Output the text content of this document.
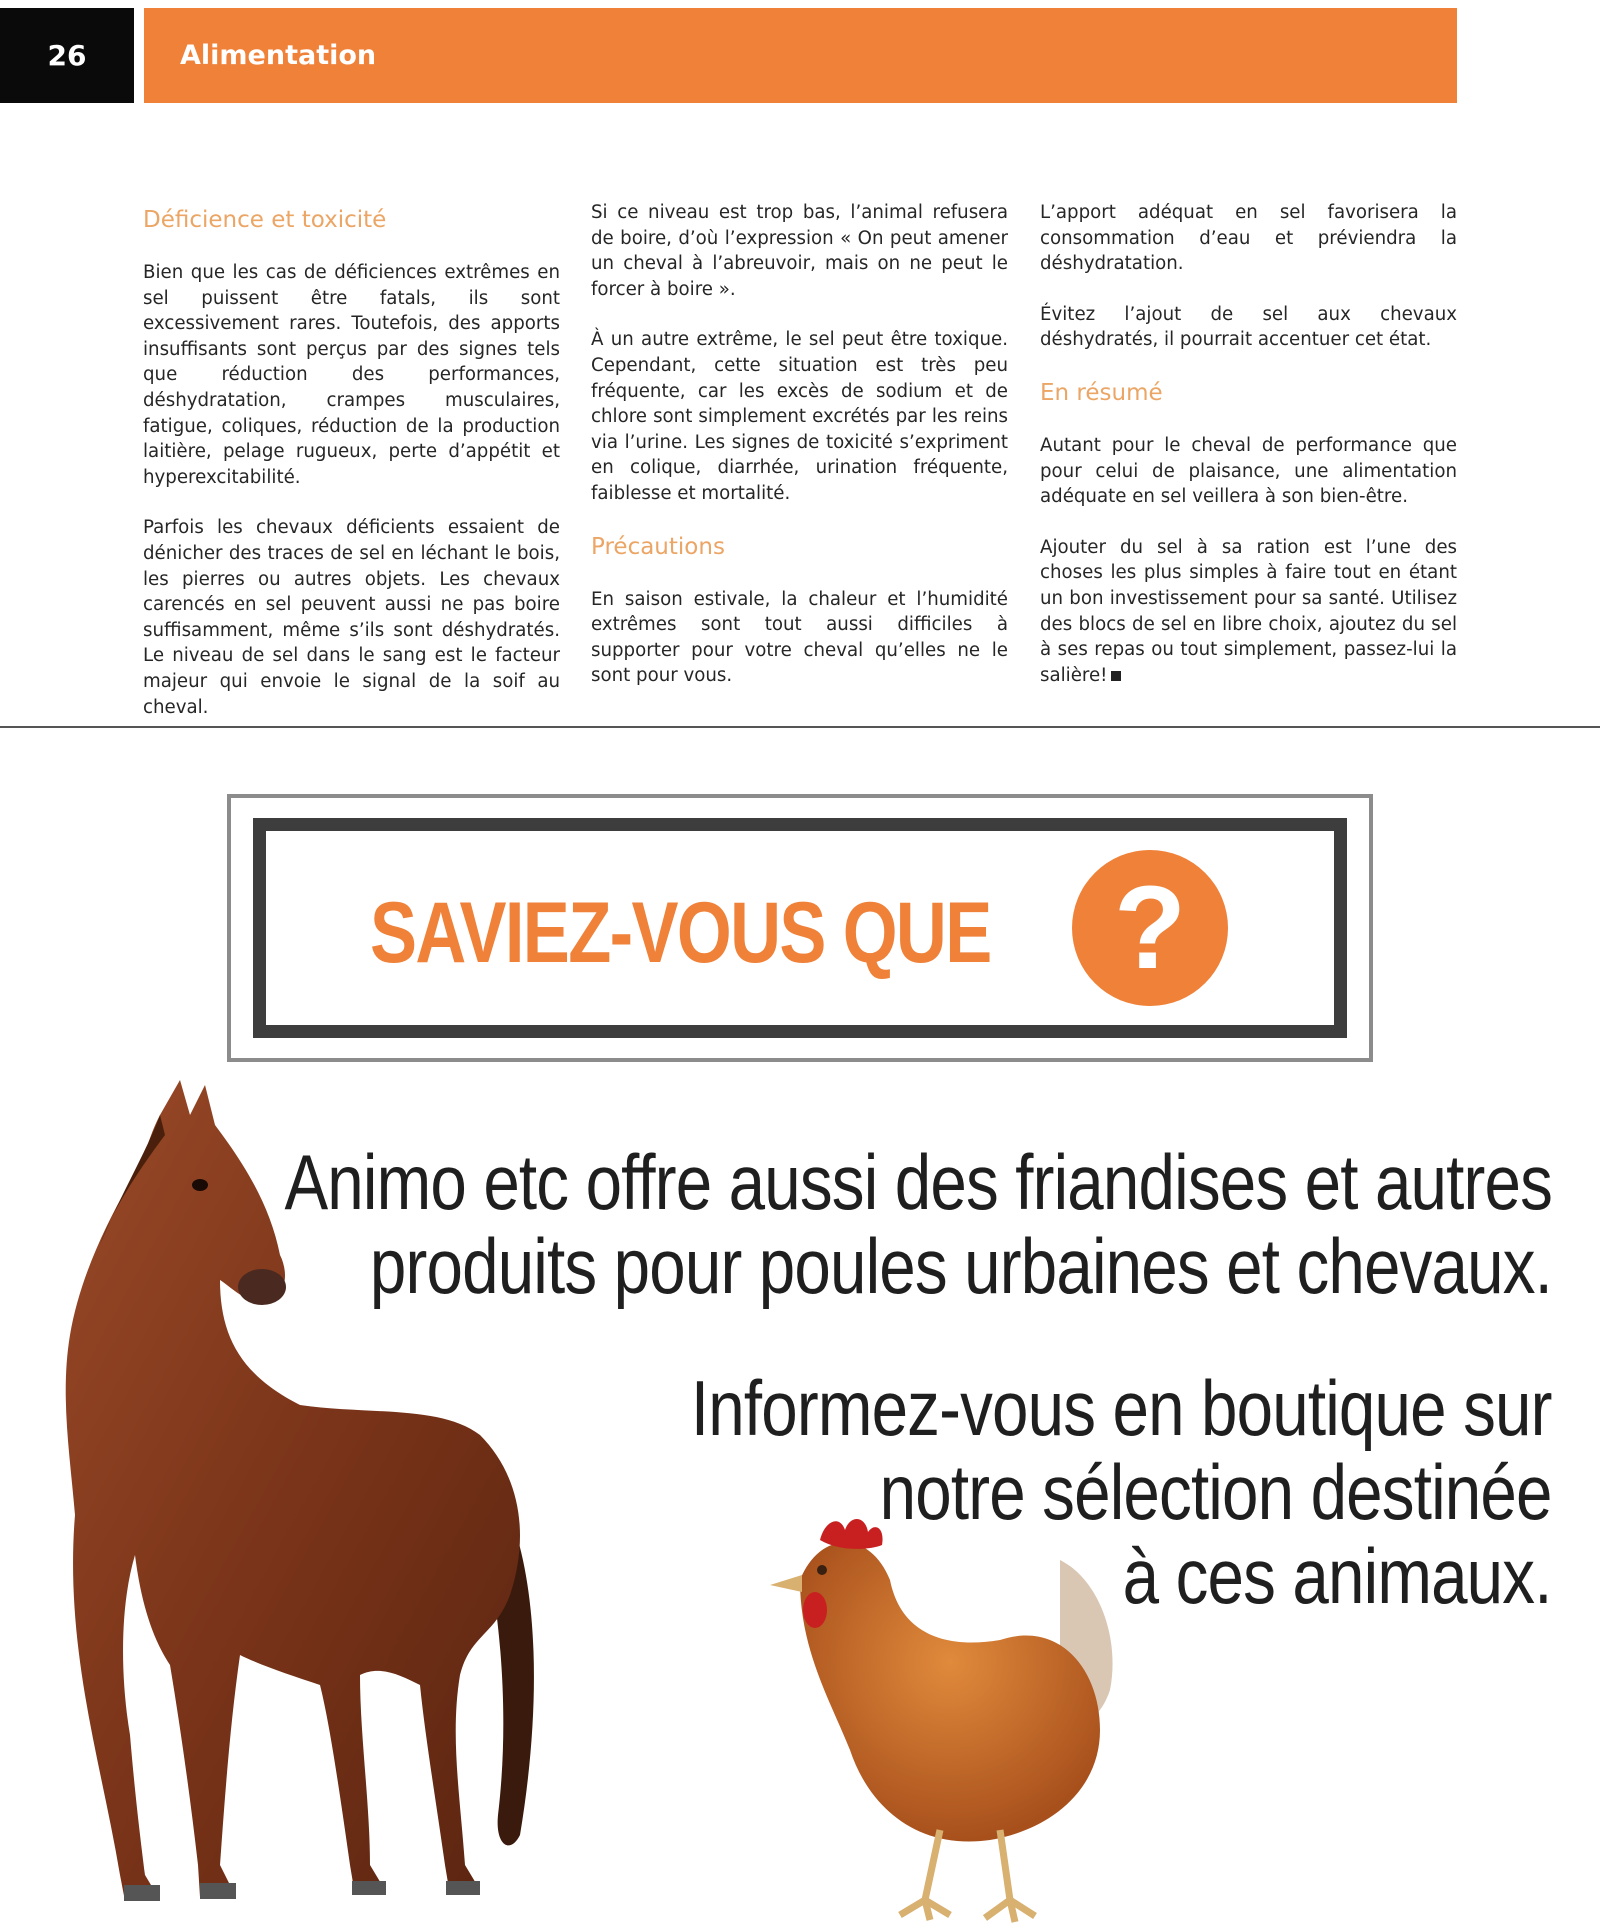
26	Alimentation
Déficience et toxicité

Bien que les cas de déficiences extrêmes en sel puissent être fatals, ils sont excessivement rares. Toutefois, des apports insuffisants sont perçus par des signes tels que réduction des performances, déshydratation, crampes musculaires, fatigue, coliques, réduction de la production laitière, pelage rugueux, perte d’appétit et hyperexcitabilité.

Parfois les chevaux déficients essaient de dénicher des traces de sel en léchant le bois, les pierres ou autres objets. Les chevaux carencés en sel peuvent aussi ne pas boire suffisamment, même s’ils sont déshydratés. Le niveau de sel dans le sang est le facteur majeur qui envoie le signal de la soif au cheval.

Si ce niveau est trop bas, l’animal refusera de boire, d’où l’expression « On peut amener un cheval à l’abreuvoir, mais on ne peut le forcer à boire ».

À un autre extrême, le sel peut être toxique. Cependant, cette situation est très peu fréquente, car les excès de sodium et de chlore sont simplement excrétés par les reins via l’urine. Les signes de toxicité s’expriment en colique, diarrhée, urination fréquente, faiblesse et mortalité.

Précautions

En saison estivale, la chaleur et l’humidité extrêmes sont tout aussi difficiles à supporter pour votre cheval qu’elles ne le sont pour vous.

L’apport adéquat en sel favorisera la consommation d’eau et préviendra la déshydratation.

Évitez l’ajout de sel aux chevaux déshydratés, il pourrait accentuer cet état.

En résumé

Autant pour le cheval de performance que pour celui de plaisance, une alimentation adéquate en sel veillera à son bien-être.

Ajouter du sel à sa ration est l’une des choses les plus simples à faire tout en étant un bon investissement pour sa santé. Utilisez des blocs de sel en libre choix, ajoutez du sel à ses repas ou tout simplement, passez-lui la salière!

SAVIEZ-VOUS QUE	?
Animo etc offre aussi des friandises et autres
produits pour poules urbaines et chevaux.
Informez-vous en boutique sur
notre sélection destinée
à ces animaux.
